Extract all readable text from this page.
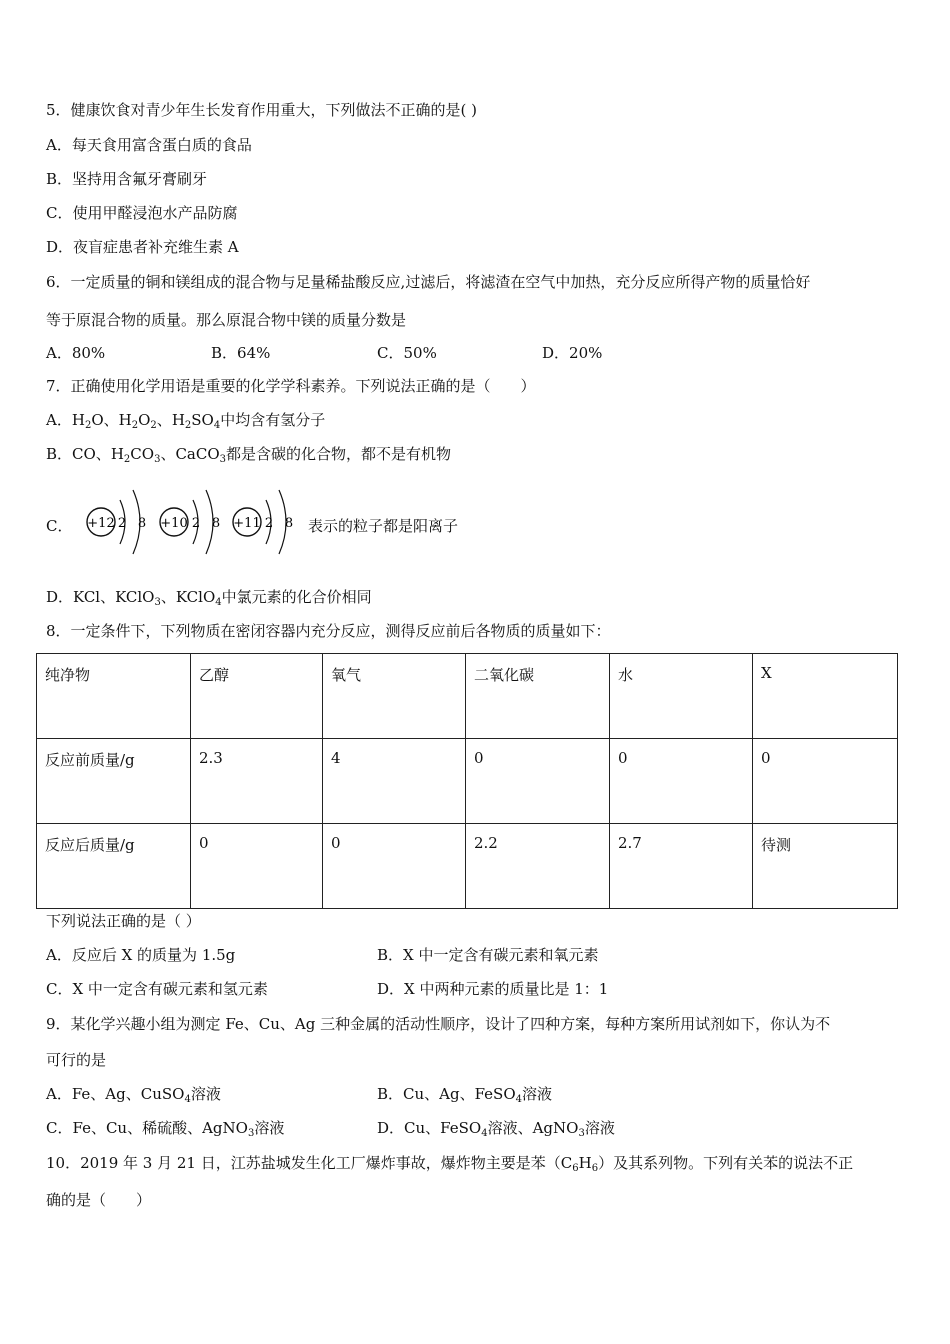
5．健康饮食对青少年生长发育作用重大，下列做法不正确的是( )
A．每天食用富含蛋白质的食品
B．坚持用含氟牙膏刷牙
C．使用甲醛浸泡水产品防腐
D．夜盲症患者补充维生素 A
6．一定质量的铜和镁组成的混合物与足量稀盐酸反应,过滤后，将滤渣在空气中加热，充分反应所得产物的质量恰好
等于原混合物的质量。那么原混合物中镁的质量分数是
A．80%	B．64%	C．50%	D．20%
7．正确使用化学用语是重要的化学学科素养。下列说法正确的是（　　）
A．$H_2O$、$H_2O_2$、$H_2SO_4$中均含有氢分子
B．CO、$H_2CO_3$、CaCO$_3$都是含碳的化合物，都不是有机物
C． +12 2 8 +10 2 8 +11 2 8 表示的粒子都是阳离子
D．KCl、KClO$_3$、KClO$_4$中氯元素的化合价相同
8．一定条件下，下列物质在密闭容器内充分反应，测得反应前后各物质的质量如下：
纯净物	乙醇	氧气	二氧化碳	水	X
反应前质量/g	2.3	4	0	0	0
反应后质量/g	0	0	2.2	2.7	待测
下列说法正确的是（ ）
A．反应后 X 的质量为 1.5g	B．X 中一定含有碳元素和氧元素
C．X 中一定含有碳元素和氢元素	D．X 中两种元素的质量比是 1：1
9．某化学兴趣小组为测定 Fe、Cu、Ag 三种金属的活动性顺序，设计了四种方案，每种方案所用试剂如下，你认为不
可行的是
A．Fe、Ag、CuSO$_4$溶液	B．Cu、Ag、FeSO$_4$溶液
C．Fe、Cu、稀硫酸、AgNO$_3$溶液	D．Cu、FeSO$_4$溶液、AgNO$_3$溶液
10．2019 年 3 月 21 日，江苏盐城发生化工厂爆炸事故，爆炸物主要是苯$(C_6H_6)$及其系列物。下列有关苯的说法不正
确的是（　　）
